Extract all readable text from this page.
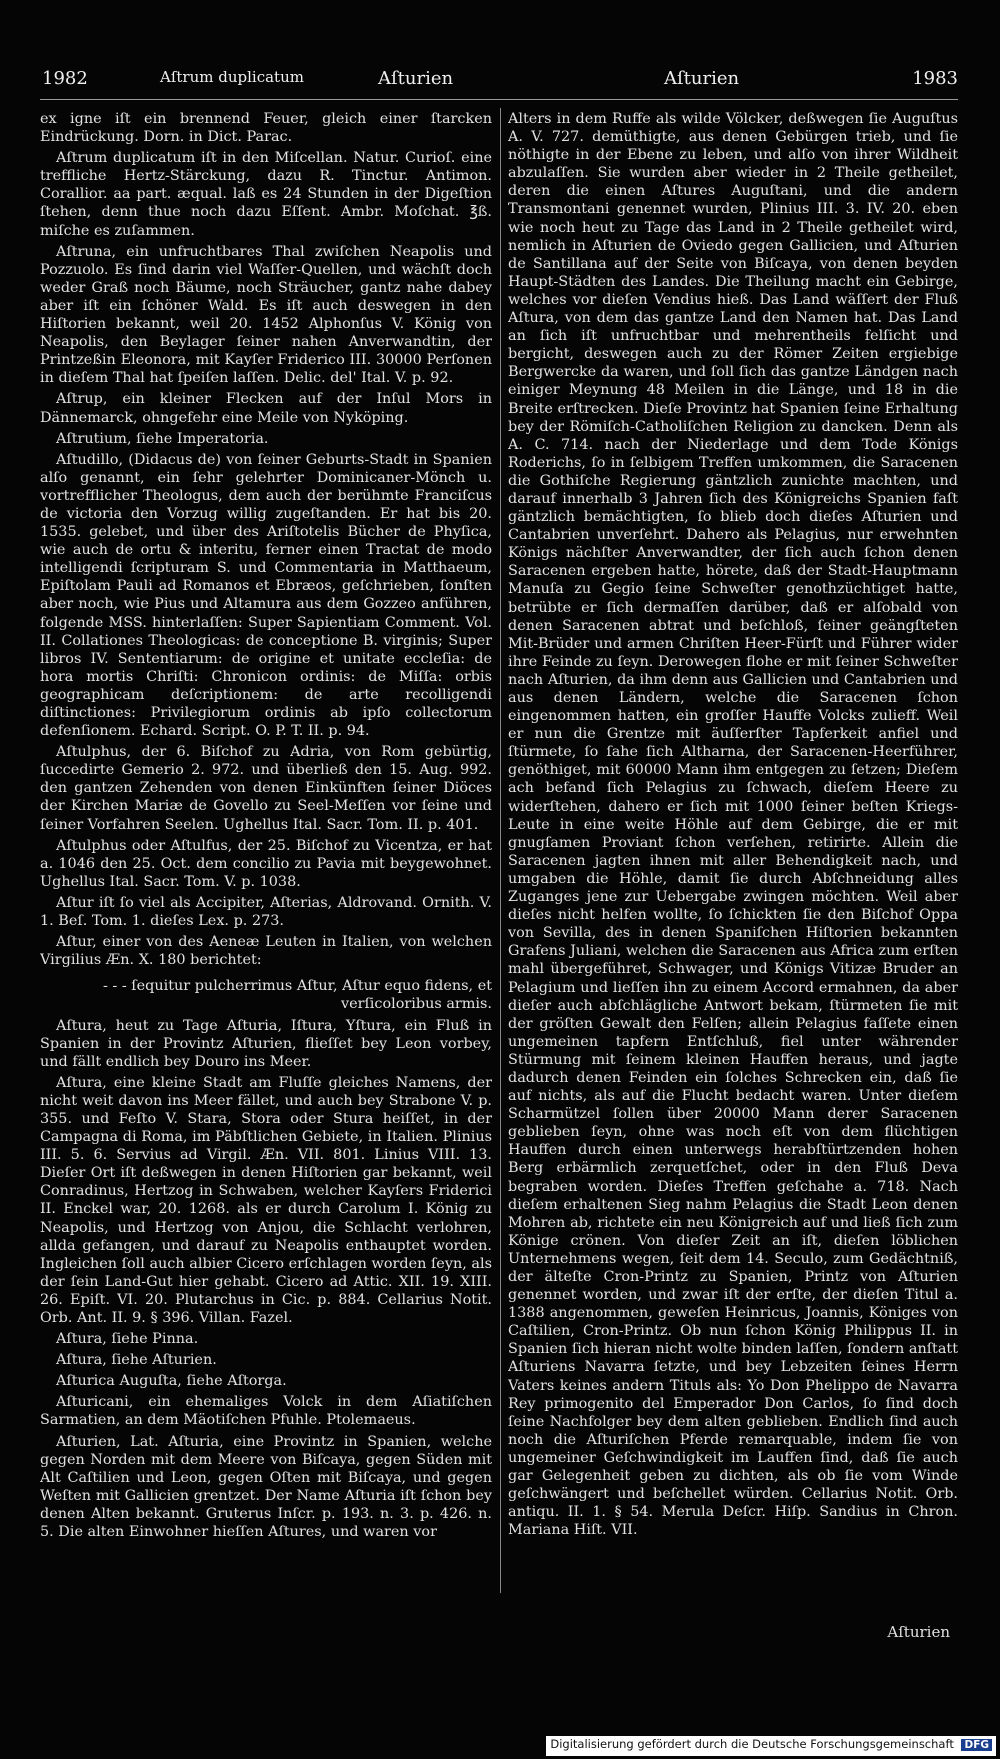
1982	Aſtrum duplicatum	Aſturien	Aſturien	1983

ex igne iſt ein brennend Feuer, gleich einer ſtarcken Eindrückung. Dorn. in Dict. Parac.

Aſtrum duplicatum iſt in den Miſcellan. Natur. Curioſ. eine treffliche Hertz-Stärckung, dazu R. Tinctur. Antimon. Corallior. aa part. æqual. laß es 24 Stunden in der Digeſtion ſtehen, denn thue noch dazu Eſſent. Ambr. Moſchat. ℥ß. miſche es zuſammen.

Aſtruna, ein unfruchtbares Thal zwiſchen Neapolis und Pozzuolo. Es ſind darin viel Waſſer-Quellen, und wächſt doch weder Graß noch Bäume, noch Sträucher, gantz nahe dabey aber iſt ein ſchöner Wald. Es iſt auch deswegen in den Hiſtorien bekannt, weil 20. 1452 Alphonſus V. König von Neapolis, den Beylager ſeiner nahen Anverwandtin, der Printzeßin Eleonora, mit Kayſer Friderico III. 30000 Perſonen in dieſem Thal hat ſpeiſen laſſen. Delic. del' Ital. V. p. 92.

Aſtrup, ein kleiner Flecken auf der Inſul Mors in Dännemarck, ohngefehr eine Meile von Nyköping.

Aſtrutium, ſiehe Imperatoria.

Aſtudillo, (Didacus de) von ſeiner Geburts-Stadt in Spanien alſo genannt, ein ſehr gelehrter Dominicaner-Mönch u. vortrefflicher Theologus, dem auch der berühmte Franciſcus de victoria den Vorzug willig zugeſtanden. Er hat bis 20. 1535. gelebet, und über des Ariſtotelis Bücher de Phyſica, wie auch de ortu & interitu, ferner einen Tractat de modo intelligendi ſcripturam S. und Commentaria in Matthaeum, Epiſtolam Pauli ad Romanos et Ebræos, geſchrieben, ſonſten aber noch, wie Pius und Altamura aus dem Gozzeo anführen, folgende MSS. hinterlaſſen: Super Sapientiam Comment. Vol. II. Collationes Theologicas: de conceptione B. virginis; Super libros IV. Sententiarum: de origine et unitate eccleſia: de hora mortis Chriſti: Chronicon ordinis: de Miſſa: orbis geographicam deſcriptionem: de arte recolligendi diſtinctiones: Privilegiorum ordinis ab ipſo collectorum defenſionem. Echard. Script. O. P. T. II. p. 94.

Aſtulphus, der 6. Biſchof zu Adria, von Rom gebürtig, ſuccedirte Gemerio 2. 972. und überließ den 15. Aug. 992. den gantzen Zehenden von denen Einkünften ſeiner Diöces der Kirchen Mariæ de Govello zu Seel-Meſſen vor ſeine und ſeiner Vorfahren Seelen. Ughellus Ital. Sacr. Tom. II. p. 401.

Aſtulphus oder Aſtulfus, der 25. Biſchof zu Vicentza, er hat a. 1046 den 25. Oct. dem concilio zu Pavia mit beygewohnet. Ughellus Ital. Sacr. Tom. V. p. 1038.

Aſtur iſt ſo viel als Accipiter, Aſterias, Aldrovand. Ornith. V. 1. Beſ. Tom. 1. dieſes Lex. p. 273.

Aſtur, einer von des Aeneæ Leuten in Italien, von welchen Virgilius Æn. X. 180 berichtet:

- - - ſequitur pulcherrimus Aſtur, Aſtur equo fidens, et verſicoloribus armis.

Aſtura, heut zu Tage Aſturia, Iſtura, Yſtura, ein Fluß in Spanien in der Provintz Aſturien, flieſſet bey Leon vorbey, und fällt endlich bey Douro ins Meer.

Aſtura, eine kleine Stadt am Fluſſe gleiches Namens, der nicht weit davon ins Meer fället, und auch bey Strabone V. p. 355. und Feſto V. Stara, Stora oder Stura heiſſet, in der Campagna di Roma, im Päbſtlichen Gebiete, in Italien. Plinius III. 5. 6. Servius ad Virgil. Æn. VII. 801. Linius VIII. 13. Dieſer Ort iſt deßwegen in denen Hiſtorien gar bekannt, weil Conradinus, Hertzog in Schwaben, welcher Kayſers Friderici II. Enckel war, 20. 1268. als er durch Carolum I. König zu Neapolis, und Hertzog von Anjou, die Schlacht verlohren, allda gefangen, und darauf zu Neapolis enthauptet worden. Ingleichen ſoll auch albier Cicero erſchlagen worden ſeyn, als der ſein Land-Gut hier gehabt. Cicero ad Attic. XII. 19. XIII. 26. Epiſt. VI. 20. Plutarchus in Cic. p. 884. Cellarius Notit. Orb. Ant. II. 9. § 396. Villan. Fazel.

Aſtura, ſiehe Pinna.

Aſtura, ſiehe Aſturien.

Aſturica Auguſta, ſiehe Aſtorga.

Aſturicani, ein ehemaliges Volck in dem Aſiatiſchen Sarmatien, an dem Mäotiſchen Pfuhle. Ptolemaeus.

Aſturien, Lat. Aſturia, eine Provintz in Spanien, welche gegen Norden mit dem Meere von Biſcaya, gegen Süden mit Alt Caſtilien und Leon, gegen Oſten mit Biſcaya, und gegen Weſten mit Gallicien grentzet. Der Name Aſturia iſt ſchon bey denen Alten bekannt. Gruterus Inſcr. p. 193. n. 3. p. 426. n. 5. Die alten Einwohner hieſſen Aſtures, und waren vor

Alters in dem Ruffe als wilde Völcker, deßwegen ſie Auguſtus A. V. 727. demüthigte, aus denen Gebürgen trieb, und ſie nöthigte in der Ebene zu leben, und alſo von ihrer Wildheit abzulaſſen. Sie wurden aber wieder in 2 Theile getheilet, deren die einen Aſtures Auguſtani, und die andern Transmontani genennet wurden, Plinius III. 3. IV. 20. eben wie noch heut zu Tage das Land in 2 Theile getheilet wird, nemlich in Aſturien de Oviedo gegen Gallicien, und Aſturien de Santillana auf der Seite von Biſcaya, von denen beyden Haupt-Städten des Landes. Die Theilung macht ein Gebirge, welches vor dieſen Vendius hieß. Das Land wäſſert der Fluß Aſtura, von dem das gantze Land den Namen hat. Das Land an ſich iſt unfruchtbar und mehrentheils felſicht und bergicht, deswegen auch zu der Römer Zeiten ergiebige Bergwercke da waren, und ſoll ſich das gantze Ländgen nach einiger Meynung 48 Meilen in die Länge, und 18 in die Breite erſtrecken. Dieſe Provintz hat Spanien ſeine Erhaltung bey der Römiſch-Catholiſchen Religion zu dancken. Denn als A. C. 714. nach der Niederlage und dem Tode Königs Roderichs, ſo in ſelbigem Treffen umkommen, die Saracenen die Gothiſche Regierung gäntzlich zunichte machten, und darauf innerhalb 3 Jahren ſich des Königreichs Spanien faſt gäntzlich bemächtigten, ſo blieb doch dieſes Aſturien und Cantabrien unverſehrt. Dahero als Pelagius, nur erwehnten Königs nächſter Anverwandter, der ſich auch ſchon denen Saracenen ergeben hatte, hörete, daß der Stadt-Hauptmann Manuſa zu Gegio ſeine Schweſter genothzüchtiget hatte, betrübte er ſich dermaſſen darüber, daß er alſobald von denen Saracenen abtrat und beſchloß, ſeiner geängſteten Mit-Brüder und armen Chriſten Heer-Fürſt und Führer wider ihre Feinde zu ſeyn. Derowegen flohe er mit ſeiner Schweſter nach Aſturien, da ihm denn aus Gallicien und Cantabrien und aus denen Ländern, welche die Saracenen ſchon eingenommen hatten, ein groſſer Hauffe Volcks zulieff. Weil er nun die Grentze mit äuſſerſter Tapferkeit anfiel und ſtürmete, ſo ſahe ſich Altharna, der Saracenen-Heerführer, genöthiget, mit 60000 Mann ihm entgegen zu ſetzen; Dieſem ach befand ſich Pelagius zu ſchwach, dieſem Heere zu widerſtehen, dahero er ſich mit 1000 ſeiner beſten Kriegs-Leute in eine weite Höhle auf dem Gebirge, die er mit gnugſamen Proviant ſchon verſehen, retirirte. Allein die Saracenen jagten ihnen mit aller Behendigkeit nach, und umgaben die Höhle, damit ſie durch Abſchneidung alles Zuganges jene zur Uebergabe zwingen möchten. Weil aber dieſes nicht helfen wollte, ſo ſchickten ſie den Biſchof Oppa von Sevilla, des in denen Spaniſchen Hiſtorien bekannten Grafens Juliani, welchen die Saracenen aus Africa zum erſten mahl übergeführet, Schwager, und Königs Vitizæ Bruder an Pelagium und lieſſen ihn zu einem Accord ermahnen, da aber dieſer auch abſchlägliche Antwort bekam, ſtürmeten ſie mit der gröſten Gewalt den Felſen; allein Pelagius faſſete einen ungemeinen tapfern Entſchluß, fiel unter währender Stürmung mit ſeinem kleinen Hauffen heraus, und jagte dadurch denen Feinden ein ſolches Schrecken ein, daß ſie auf nichts, als auf die Flucht bedacht waren. Unter dieſem Scharmützel ſollen über 20000 Mann derer Saracenen geblieben ſeyn, ohne was noch eſt von dem flüchtigen Hauffen durch einen unterwegs herabſtürtzenden hohen Berg erbärmlich zerquetſchet, oder in den Fluß Deva begraben worden. Dieſes Treffen geſchahe a. 718. Nach dieſem erhaltenen Sieg nahm Pelagius die Stadt Leon denen Mohren ab, richtete ein neu Königreich auf und ließ ſich zum Könige crönen. Von dieſer Zeit an iſt, dieſen löblichen Unternehmens wegen, ſeit dem 14. Seculo, zum Gedächtniß, der älteſte Cron-Printz zu Spanien, Printz von Aſturien genennet worden, und zwar iſt der erſte, der dieſen Titul a. 1388 angenommen, geweſen Heinricus, Joannis, Königes von Caſtilien, Cron-Printz. Ob nun ſchon König Philippus II. in Spanien ſich hieran nicht wolte binden laſſen, ſondern anſtatt Aſturiens Navarra ſetzte, und bey Lebzeiten ſeines Herrn Vaters keines andern Tituls als: Yo Don Phelippo de Navarra Rey primogenito del Emperador Don Carlos, ſo ſind doch ſeine Nachfolger bey dem alten geblieben. Endlich ſind auch noch die Aſturiſchen Pferde remarquable, indem ſie von ungemeiner Geſchwindigkeit im Lauffen ſind, daß ſie auch gar Gelegenheit geben zu dichten, als ob ſie vom Winde geſchwängert und beſchellet würden. Cellarius Notit. Orb. antiqu. II. 1. § 54. Merula Deſcr. Hiſp. Sandius in Chron. Mariana Hiſt. VII.

Aſturien
Digitalisierung gefördert durch die Deutsche Forschungsgemeinschaft DFG
